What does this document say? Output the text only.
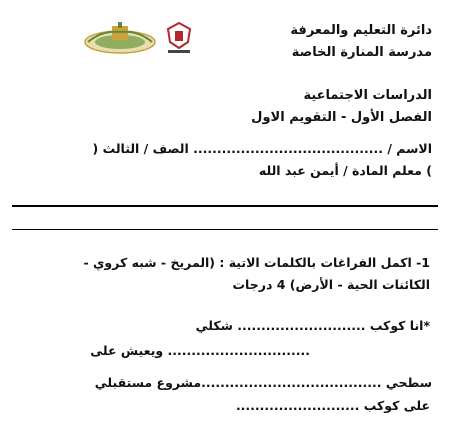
دائرة التعليم والمعرفة
مدرسة المنارة الخاصة
الدراسات الاجتماعية
الفصل الأول - التقويم الاول
الاسم / ........................................ الصف / الثالث (
) معلم المادة / أيمن عبد الله
1- اكمل الفراغات بالكلمات الاتية : (المريخ - شبه كروي -
الكائنات الحية - الأرض) 4 درجات
*انا كوكب ........................... شكلي
.............................. ويعيش على
سطحي ......................................مشروع مستقبلي
على كوكب ..........................
